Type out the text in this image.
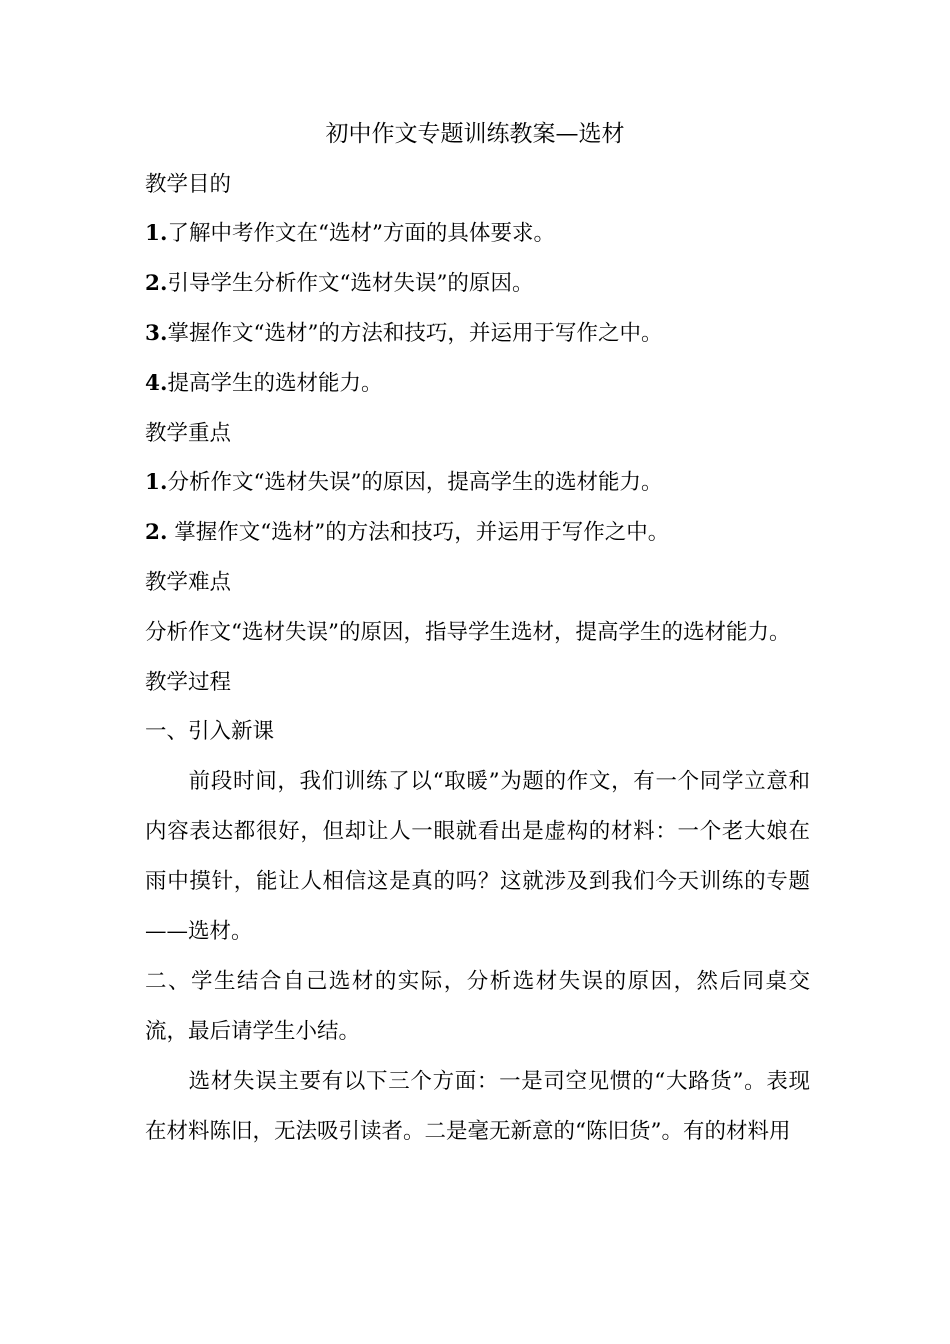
初中作文专题训练教案—选材
教学目的
1.了解中考作文在“选材”方面的具体要求。
2.引导学生分析作文“选材失误”的原因。
3.掌握作文“选材”的方法和技巧，并运用于写作之中。
4.提高学生的选材能力。
教学重点
1.分析作文“选材失误”的原因，提高学生的选材能力。
2. 掌握作文“选材”的方法和技巧，并运用于写作之中。
教学难点
分析作文“选材失误”的原因，指导学生选材，提高学生的选材能力。
教学过程
一、引入新课
前段时间，我们训练了以“取暖”为题的作文，有一个同学立意和内容表达都很好，但却让人一眼就看出是虚构的材料：一个老大娘在雨中摸针，能让人相信这是真的吗？这就涉及到我们今天训练的专题——选材。
二、学生结合自己选材的实际，分析选材失误的原因，然后同桌交流，最后请学生小结。
选材失误主要有以下三个方面：一是司空见惯的“大路货”。表现在材料陈旧，无法吸引读者。二是毫无新意的“陈旧货”。有的材料用
